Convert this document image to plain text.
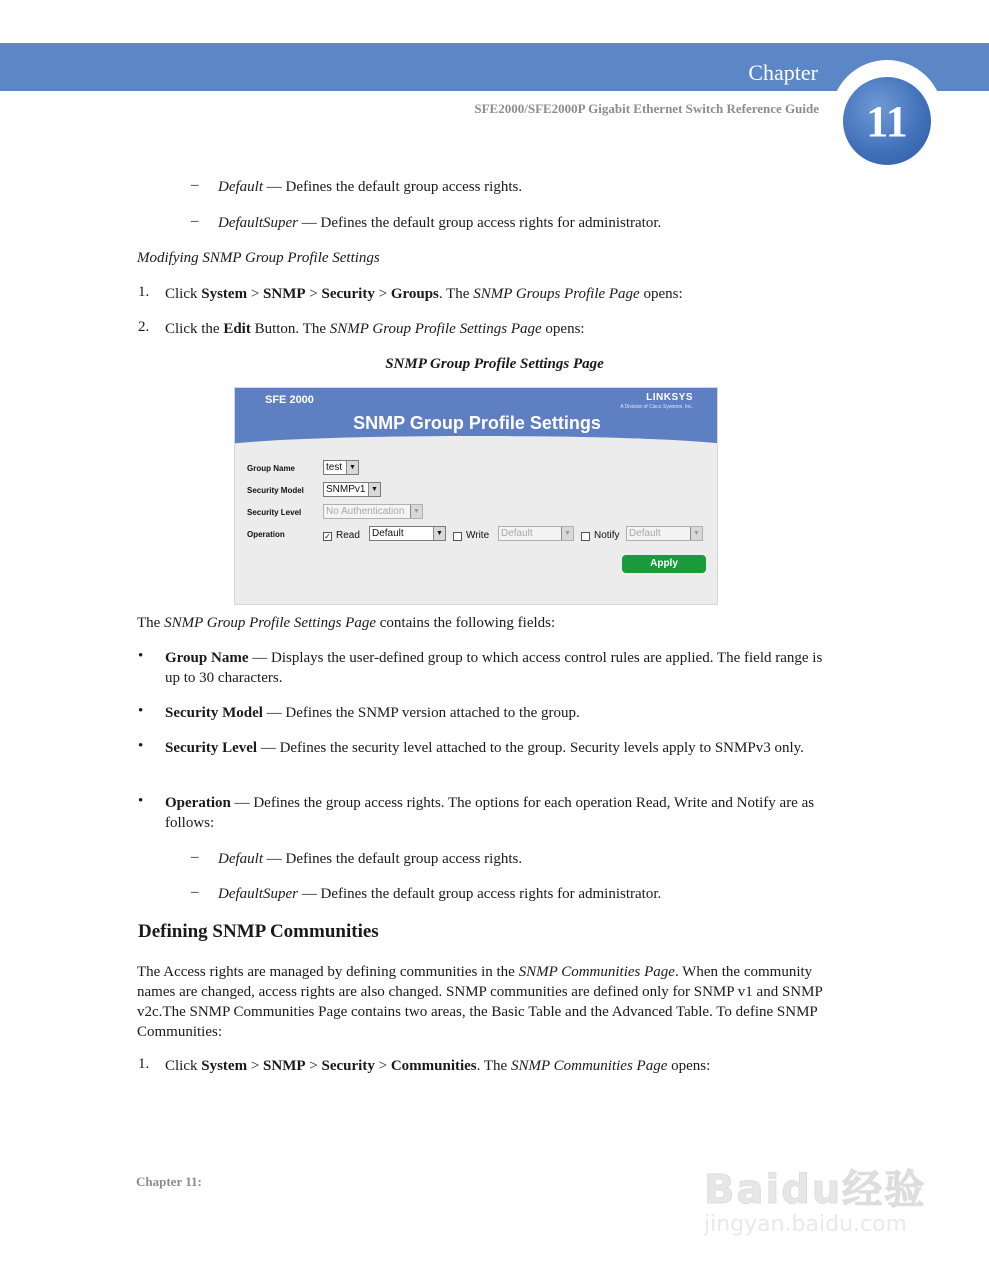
Chapter
SFE2000/SFE2000P Gigabit Ethernet Switch Reference Guide	11
– Default — Defines the default group access rights.
– DefaultSuper — Defines the default group access rights for administrator.
Modifying SNMP Group Profile Settings
1. Click System > SNMP > Security > Groups. The SNMP Groups Profile Page opens:
2. Click the Edit Button. The SNMP Group Profile Settings Page opens:
SNMP Group Profile Settings Page
SFE 2000	LINKSYS
A Division of Cisco Systems, Inc.
SNMP Group Profile Settings
Group Name	test ▼
Security Model	SNMPv1 ▼
Security Level	No Authentication	▼
Operation	✓ Read	Default	▼ Write	Default	▼ Notify Default	▼
Apply
The SNMP Group Profile Settings Page contains the following fields:
• Group Name — Displays the user-defined group to which access control rules are applied. The field range is up to 30 characters.
• Security Model — Defines the SNMP version attached to the group.
• Security Level — Defines the security level attached to the group. Security levels apply to SNMPv3 only.
• Operation — Defines the group access rights. The options for each operation Read, Write and Notify are as follows:
– Default — Defines the default group access rights.
– DefaultSuper — Defines the default group access rights for administrator.
Defining SNMP Communities
The Access rights are managed by defining communities in the SNMP Communities Page. When the community names are changed, access rights are also changed. SNMP communities are defined only for SNMP v1 and SNMP v2c.The SNMP Communities Page contains two areas, the Basic Table and the Advanced Table. To define SNMP Communities:
1. Click System > SNMP > Security > Communities. The SNMP Communities Page opens:
Chapter 11:	Baidu经验
jingyan.baidu.com
